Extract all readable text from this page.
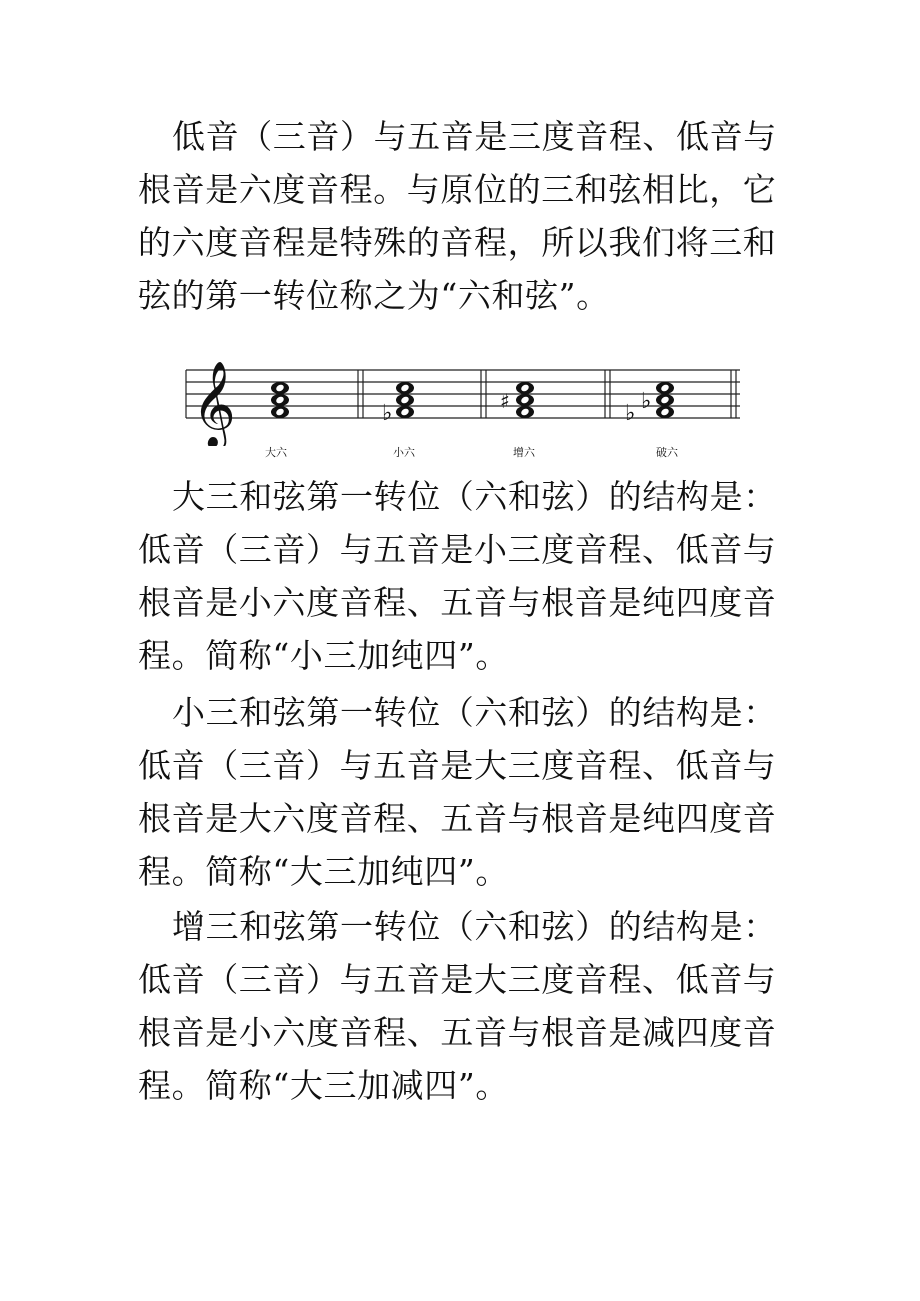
低音（三音）与五音是三度音程、低音与根音是六度音程。与原位的三和弦相比，它的六度音程是特殊的音程，所以我们将三和弦的第一转位称之为“六和弦”。

𝄞	♭	♯	♭ ♭
大六	小六	增六	破六

大三和弦第一转位（六和弦）的结构是：低音（三音）与五音是小三度音程、低音与根音是小六度音程、五音与根音是纯四度音程。简称“小三加纯四”。

小三和弦第一转位（六和弦）的结构是：低音（三音）与五音是大三度音程、低音与根音是大六度音程、五音与根音是纯四度音程。简称“大三加纯四”。

增三和弦第一转位（六和弦）的结构是：低音（三音）与五音是大三度音程、低音与根音是小六度音程、五音与根音是减四度音程。简称“大三加减四”。
